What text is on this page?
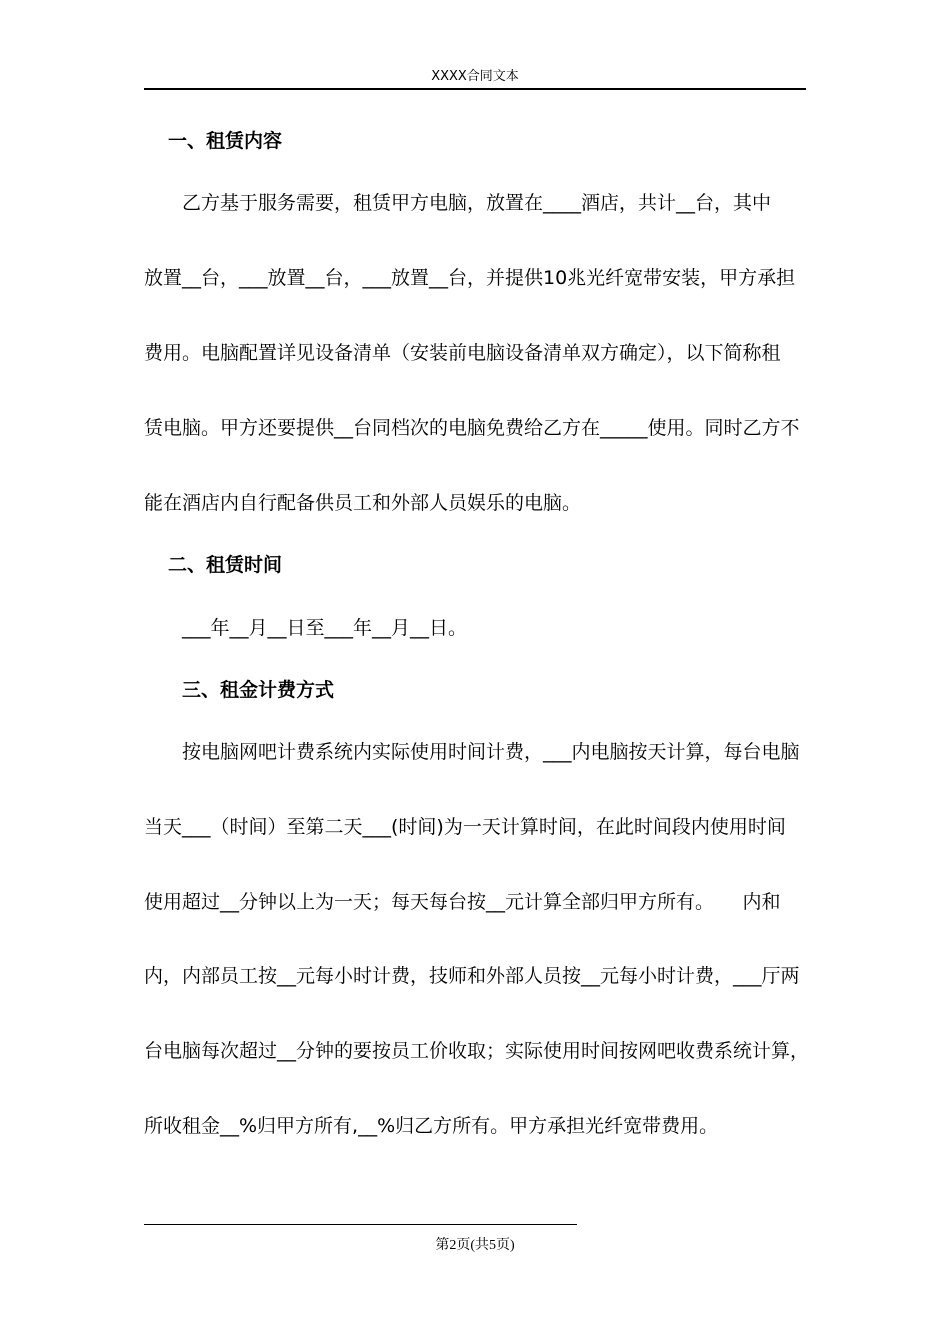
XXXX合同文本
一、租赁内容
乙方基于服务需要，租赁甲方电脑，放置在____酒店，共计__台，其中
放置__台，___放置__台，___放置__台，并提供10兆光纤宽带安装，甲方承担
费用。电脑配置详见设备清单（安装前电脑设备清单双方确定），以下简称租
赁电脑。甲方还要提供__台同档次的电脑免费给乙方在_____使用。同时乙方不
能在酒店内自行配备供员工和外部人员娱乐的电脑。
二、租赁时间
___年__月__日至___年__月__日。
三、租金计费方式
按电脑网吧计费系统内实际使用时间计费，___内电脑按天计算，每台电脑
当天___（时间）至第二天___(时间)为一天计算时间，在此时间段内使用时间
使用超过__分钟以上为一天；每天每台按__元计算全部归甲方所有。　　内和
内，内部员工按__元每小时计费，技师和外部人员按__元每小时计费，___厅两
台电脑每次超过__分钟的要按员工价收取；实际使用时间按网吧收费系统计算，
所收租金__%归甲方所有,__%归乙方所有。甲方承担光纤宽带费用。
第2页(共5页)
